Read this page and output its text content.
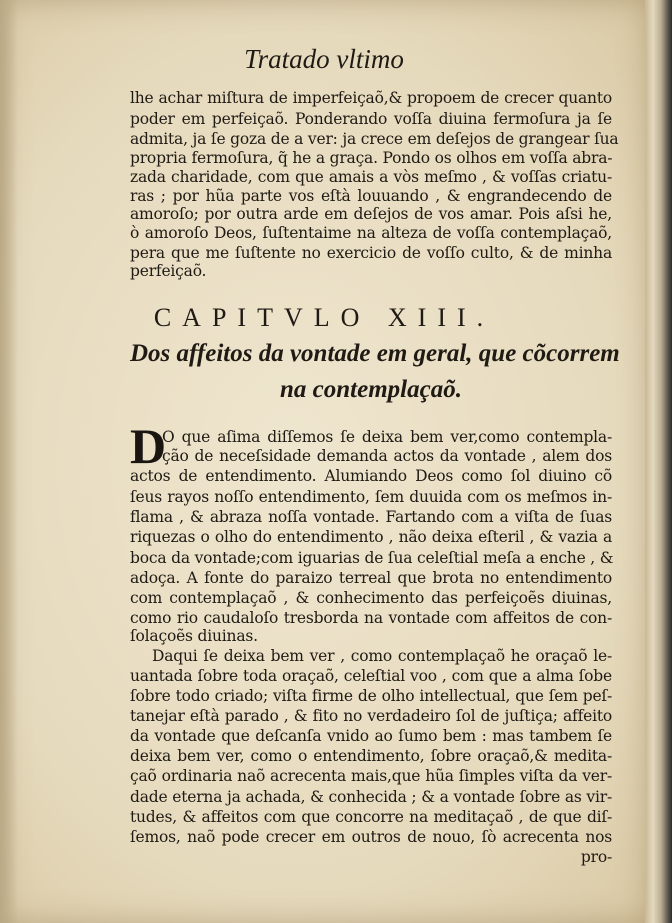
Tratado vltimo
lhe achar miſtura de imperfeiçaõ,& propoem de crecer quanto
poder em perfeiçaõ. Ponderando voſſa diuina fermoſura ja ſe
admita, ja ſe goza de a ver: ja crece em deſejos de grangear ſua
propria fermoſura, q̃ he a graça. Pondo os olhos em voſſa abra-
zada charidade, com que amais a vòs meſmo , & voſſas criatu-
ras ; por hũa parte vos eſtà louuando , & engrandecendo de
amoroſo; por outra arde em deſejos de vos amar. Pois aſsi he,
ò amoroſo Deos, ſuſtentaime na alteza de voſſa contemplaçaõ,
pera que me ſuſtente no exercicio de voſſo culto, & de minha
perfeiçaõ.
CAPITVLO XIII.
Dos affeitos da vontade em geral, que cõcorrem
na contemplaçaõ.
D
O que aſima diſſemos ſe deixa bem ver,como contempla-
ção de neceſsidade demanda actos da vontade , alem dos
actos de entendimento. Alumiando Deos como ſol diuino cõ
ſeus rayos noſſo entendimento, ſem duuida com os meſmos in-
flama , & abraza noſſa vontade. Fartando com a viſta de ſuas
riquezas o olho do entendimento , não deixa eſteril , & vazia a
boca da vontade;com iguarias de ſua celeſtial meſa a enche , &
adoça. A fonte do paraizo terreal que brota no entendimento
com contemplaçaõ , & conhecimento das perfeiçoẽs diuinas,
como rio caudaloſo tresborda na vontade com affeitos de con-
ſolaçoẽs diuinas.
Daqui ſe deixa bem ver , como contemplaçaõ he oraçaõ le-
uantada ſobre toda oraçaõ, celeſtial voo , com que a alma ſobe
ſobre todo criado; viſta firme de olho intellectual, que ſem peſ-
tanejar eſtà parado , & fito no verdadeiro ſol de juſtiça; affeito
da vontade que deſcanſa vnido ao ſumo bem : mas tambem ſe
deixa bem ver, como o entendimento, ſobre oraçaõ,& medita-
çaõ ordinaria naõ acrecenta mais,que hũa ſimples viſta da ver-
dade eterna ja achada, & conhecida ; & a vontade ſobre as vir-
tudes, & affeitos com que concorre na meditaçaõ , de que diſ-
ſemos, naõ pode crecer em outros de nouo, ſò acrecenta nos
pro-
